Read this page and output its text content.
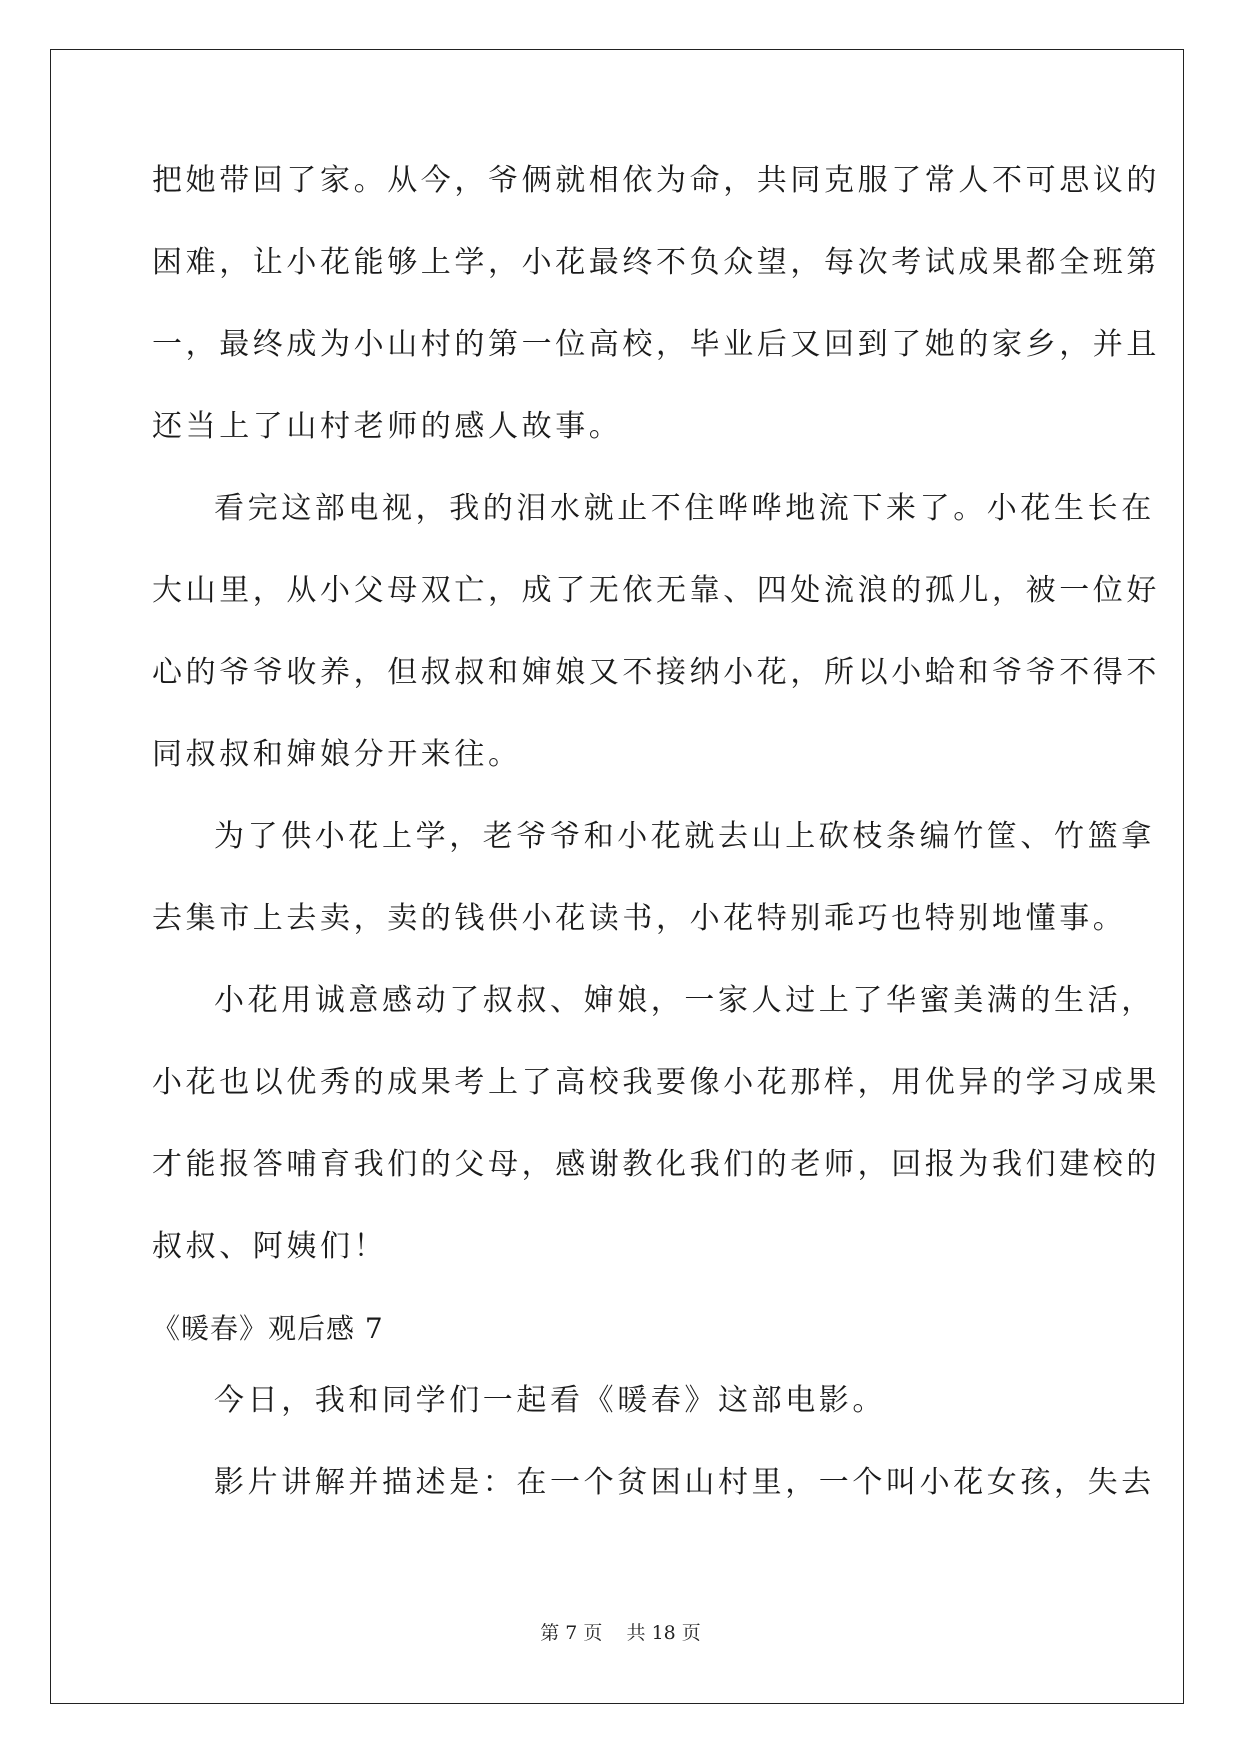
把她带回了家。从今，爷俩就相依为命，共同克服了常人不可思议的
困难，让小花能够上学，小花最终不负众望，每次考试成果都全班第
一，最终成为小山村的第一位高校，毕业后又回到了她的家乡，并且
还当上了山村老师的感人故事。
看完这部电视，我的泪水就止不住哗哗地流下来了。小花生长在
大山里，从小父母双亡，成了无依无靠、四处流浪的孤儿，被一位好
心的爷爷收养，但叔叔和婶娘又不接纳小花，所以小蛤和爷爷不得不
同叔叔和婶娘分开来往。
为了供小花上学，老爷爷和小花就去山上砍枝条编竹筐、竹篮拿
去集市上去卖，卖的钱供小花读书，小花特别乖巧也特别地懂事。
小花用诚意感动了叔叔、婶娘，一家人过上了华蜜美满的生活，
小花也以优秀的成果考上了高校我要像小花那样，用优异的学习成果
才能报答哺育我们的父母，感谢教化我们的老师，回报为我们建校的
叔叔、阿姨们！
《暖春》观后感 7
今日，我和同学们一起看《暖春》这部电影。
影片讲解并描述是：在一个贫困山村里，一个叫小花女孩，失去
第 7 页 共 18 页
